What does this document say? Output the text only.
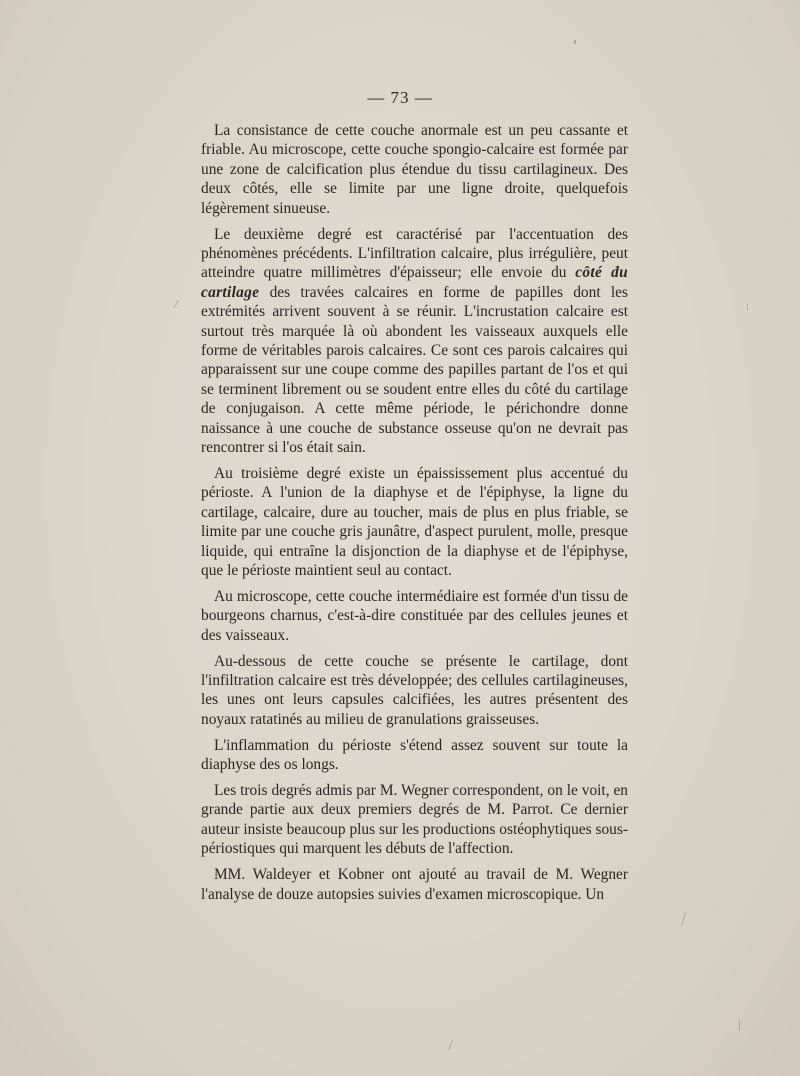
— 73 —

La consistance de cette couche anormale est un peu cassante et friable. Au microscope, cette couche spongio-calcaire est formée par une zone de calcification plus étendue du tissu cartilagineux. Des deux côtés, elle se limite par une ligne droite, quelquefois légèrement sinueuse.

Le deuxième degré est caractérisé par l'accentuation des phénomènes précédents. L'infiltration calcaire, plus irrégulière, peut atteindre quatre millimètres d'épaisseur; elle envoie du côté du cartilage des travées calcaires en forme de papilles dont les extrémités arrivent souvent à se réunir. L'incrustation calcaire est surtout très marquée là où abondent les vaisseaux auxquels elle forme de véritables parois calcaires. Ce sont ces parois calcaires qui apparaissent sur une coupe comme des papilles partant de l'os et qui se terminent librement ou se soudent entre elles du côté du cartilage de conjugaison. A cette même période, le périchondre donne naissance à une couche de substance osseuse qu'on ne devrait pas rencontrer si l'os était sain.

Au troisième degré existe un épaississement plus accentué du périoste. A l'union de la diaphyse et de l'épiphyse, la ligne du cartilage, calcaire, dure au toucher, mais de plus en plus friable, se limite par une couche gris jaunâtre, d'aspect purulent, molle, presque liquide, qui entraîne la disjonction de la diaphyse et de l'épiphyse, que le périoste maintient seul au contact.

Au microscope, cette couche intermédiaire est formée d'un tissu de bourgeons charnus, c'est-à-dire constituée par des cellules jeunes et des vaisseaux.

Au-dessous de cette couche se présente le cartilage, dont l'infiltration calcaire est très développée; des cellules cartilagineuses, les unes ont leurs capsules calcifiées, les autres présentent des noyaux ratatinés au milieu de granulations graisseuses.

L'inflammation du périoste s'étend assez souvent sur toute la diaphyse des os longs.

Les trois degrés admis par M. Wegner correspondent, on le voit, en grande partie aux deux premiers degrés de M. Parrot. Ce dernier auteur insiste beaucoup plus sur les productions ostéophytiques sous-périostiques qui marquent les débuts de l'affection.

MM. Waldeyer et Kobner ont ajouté au travail de M. Wegner l'analyse de douze autopsies suivies d'examen microscopique. Un
